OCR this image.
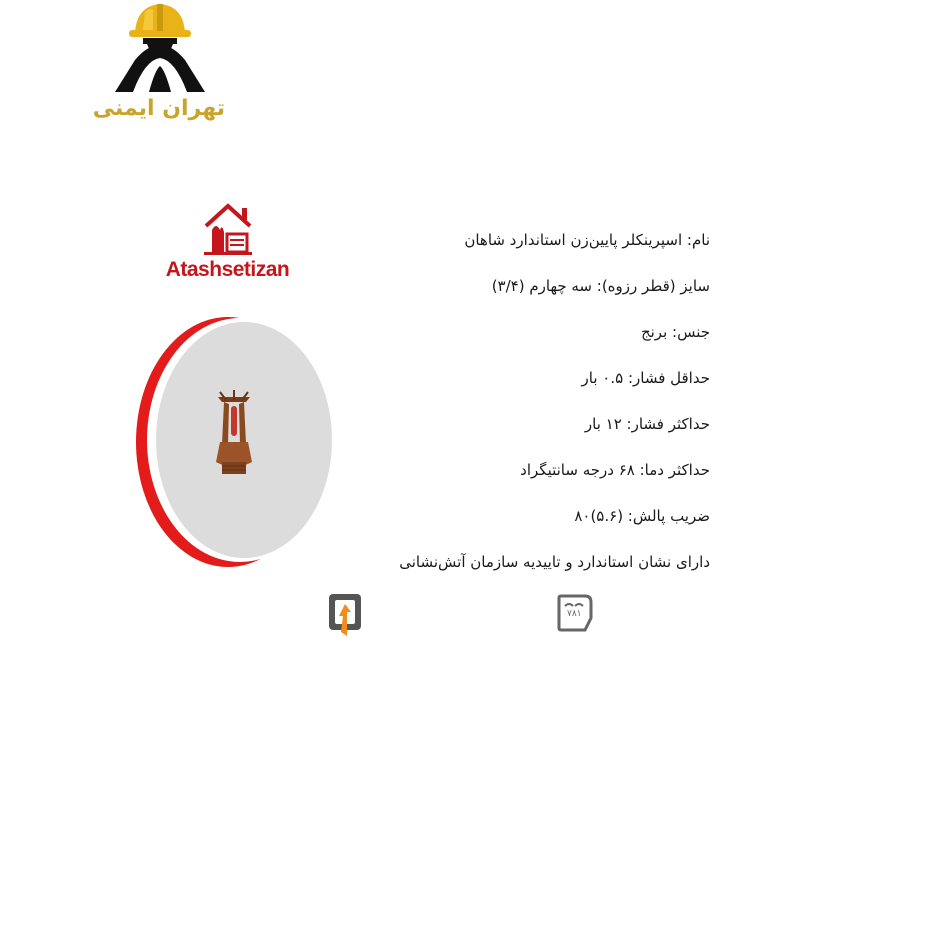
تهران ایمنی
Atashsetizan
نام: اسپرینکلر پایین‌زن استاندارد شاهان
سایز (قطر رزوه): سه چهارم (۳/۴)
جنس: برنج
حداقل فشار: ۰.۵ بار
حداکثر فشار: ۱۲ بار
حداکثر دما: ۶۸ درجه سانتیگراد
ضریب پالش: (۵.۶)۸۰
دارای نشان استاندارد و تاییدیه سازمان آتش‌نشانی
۷۸۱
